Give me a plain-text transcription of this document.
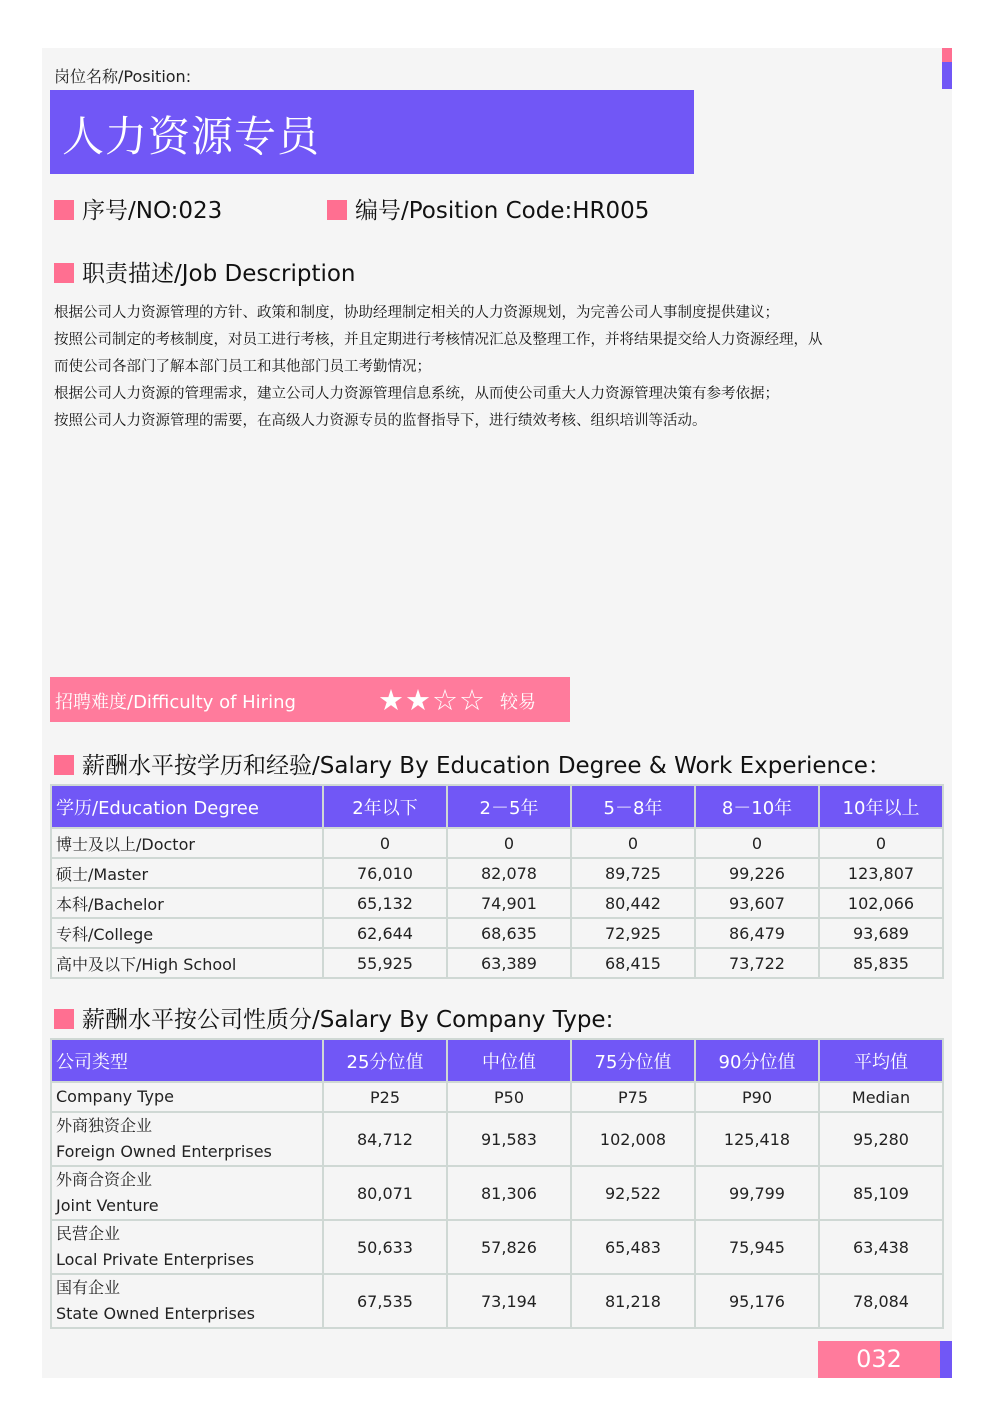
岗位名称/Position:
人力资源专员
序号/NO:023	编号/Position Code:HR005
职责描述/Job Description
根据公司人力资源管理的方针、政策和制度，协助经理制定相关的人力资源规划，为完善公司人事制度提供建议；
按照公司制定的考核制度，对员工进行考核，并且定期进行考核情况汇总及整理工作，并将结果提交给人力资源经理，从
而使公司各部门了解本部门员工和其他部门员工考勤情况；
根据公司人力资源的管理需求，建立公司人力资源管理信息系统，从而使公司重大人力资源管理决策有参考依据；
按照公司人力资源管理的需要，在高级人力资源专员的监督指导下，进行绩效考核、组织培训等活动。
招聘难度/Difficulty of Hiring	★★☆☆ 较易
薪酬水平按学历和经验/Salary By Education Degree & Work Experience：
学历/Education Degree	2年以下	2－5年	5－8年	8－10年	10年以上
博士及以上/Doctor	0	0	0	0	0
硕士/Master	76,010	82,078	89,725	99,226	123,807
本科/Bachelor	65,132	74,901	80,442	93,607	102,066
专科/College	62,644	68,635	72,925	86,479	93,689
高中及以下/High School	55,925	63,389	68,415	73,722	85,835
薪酬水平按公司性质分/Salary By Company Type:
公司类型	25分位值	中位值	75分位值	90分位值	平均值
Company Type	P25	P50	P75	P90	Median

外商独资企业
Foreign Owned Enterprises	84,712	91,583	102,008	125,418	95,280

外商合资企业
Joint Venture	80,071	81,306	92,522	99,799	85,109

民营企业
Local Private Enterprises	50,633	57,826	65,483	75,945	63,438

国有企业
State Owned Enterprises	67,535	73,194	81,218	95,176	78,084
032
